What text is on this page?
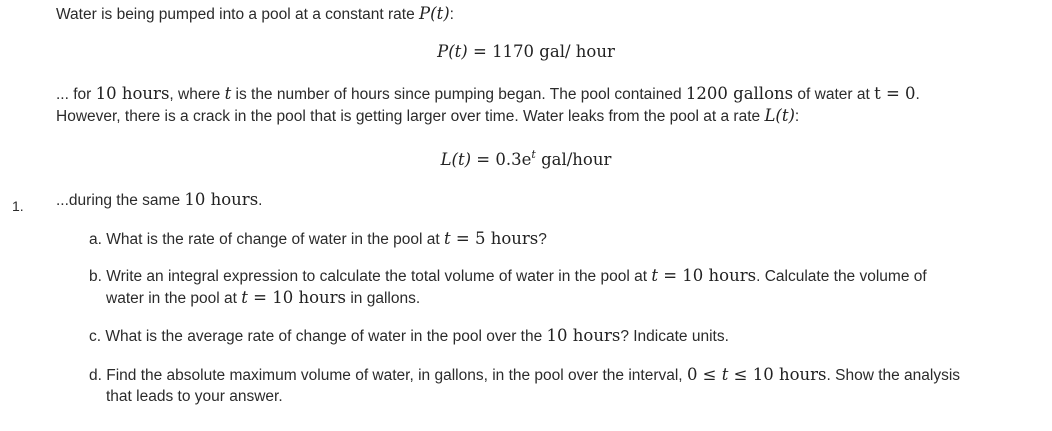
Water is being pumped into a pool at a constant rate P(t):
P(t) = 1170 gal/ hour
... for 10 hours, where t is the number of hours since pumping began. The pool contained 1200 gallons of water at t = 0.
However, there is a crack in the pool that is getting larger over time. Water leaks from the pool at a rate L(t):
$L(t) = 0.3e^t$ gal/hour
1. ...during the same 10 hours.
a. What is the rate of change of water in the pool at t = 5 hours?
b. Write an integral expression to calculate the total volume of water in the pool at t = 10 hours. Calculate the volume of
water in the pool at t = 10 hours in gallons.
c. What is the average rate of change of water in the pool over the 10 hours? Indicate units.
d. Find the absolute maximum volume of water, in gallons, in the pool over the interval, 0 ≤ t ≤ 10 hours. Show the analysis
that leads to your answer.
